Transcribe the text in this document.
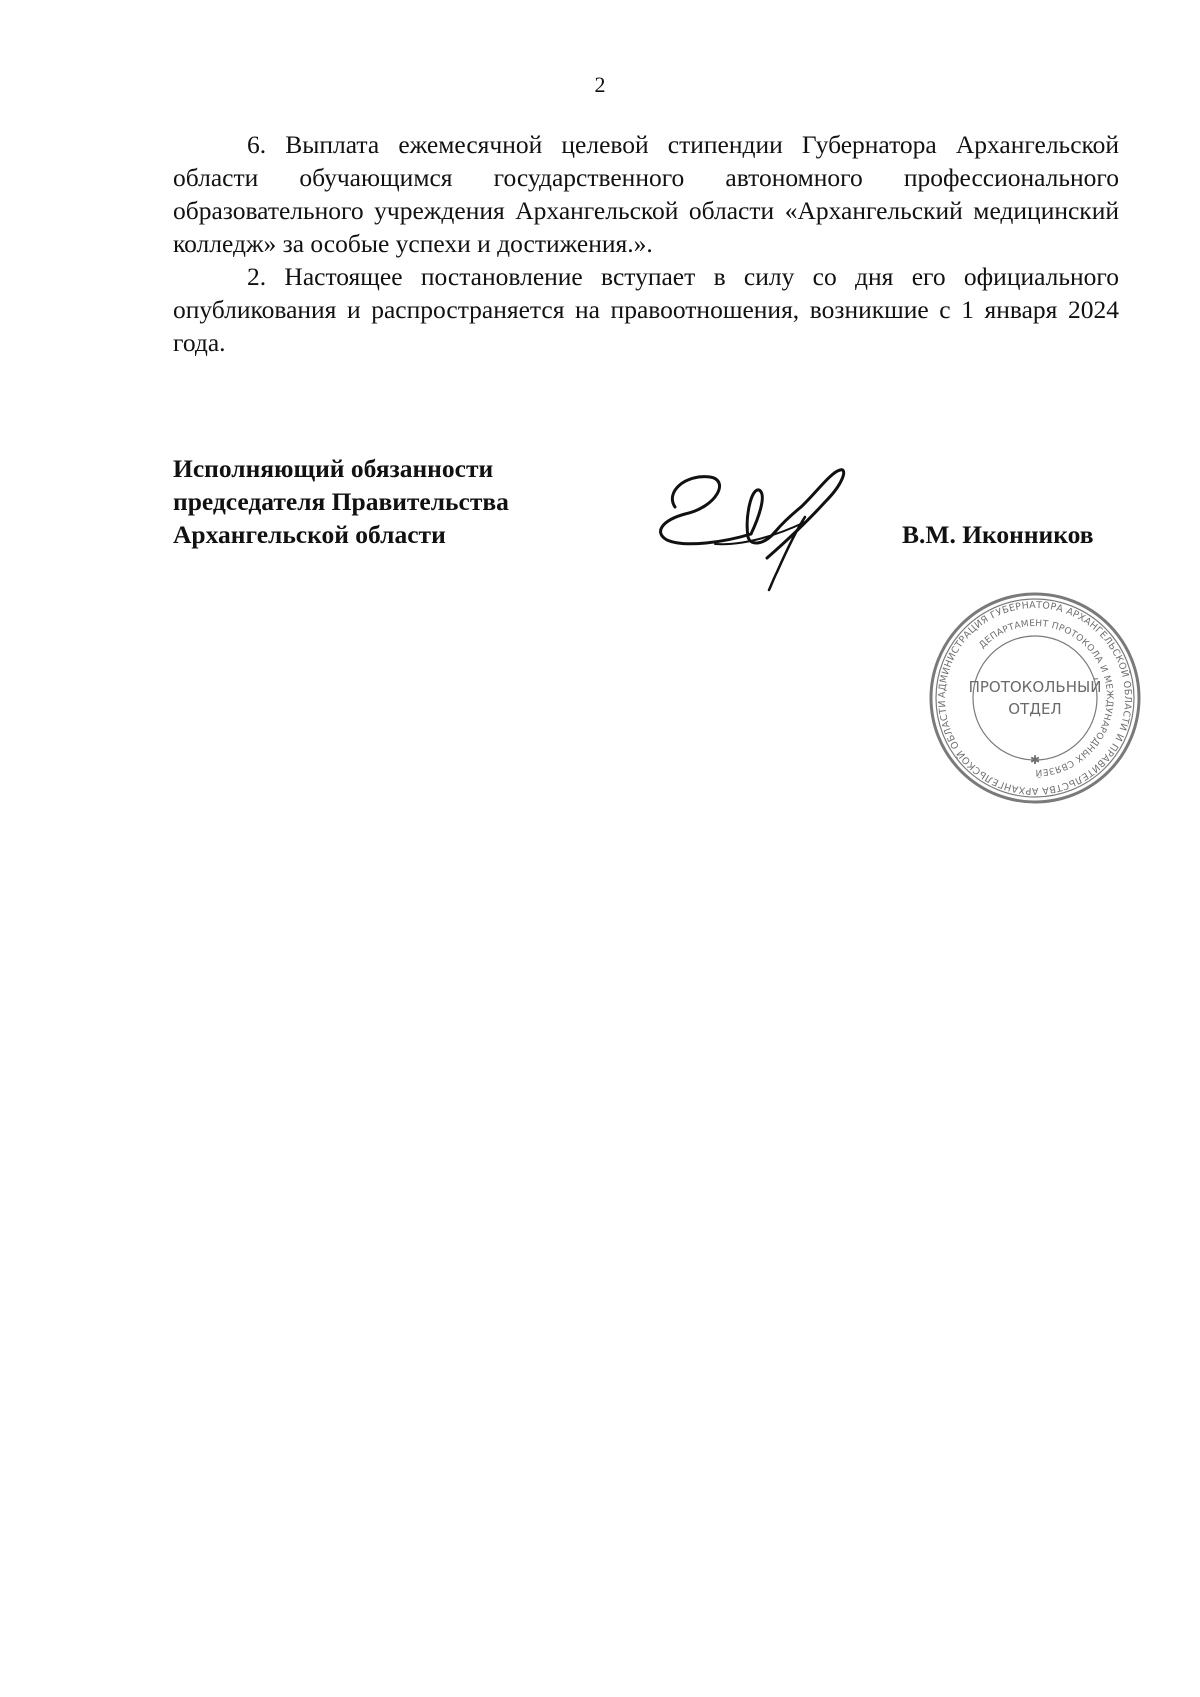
2

6. Выплата ежемесячной целевой стипендии Губернатора Архангельской области обучающимся государственного автономного профессионального образовательного учреждения Архангельской области «Архангельский медицинский колледж» за особые успехи и достижения.».

2. Настоящее постановление вступает в силу со дня его официального опубликования и распространяется на правоотношения, возникшие с 1 января 2024 года.

Исполняющий обязанности
председателя Правительства
Архангельской области	В.М. Иконников
АДМИНИСТРАЦИЯ ГУБЕРНАТОРА АРХАНГЕЛЬСКОЙ ОБЛАСТИ И ПРАВИТЕЛЬСТВА АРХАНГЕЛЬСКОЙ ОБЛАСТИ
ДЕПАРТАМЕНТ ПРОТОКОЛА И МЕЖДУНАРОДНЫХ СВЯЗЕЙ
ПРОТОКОЛЬНЫЙ
ОТДЕЛ
✱
